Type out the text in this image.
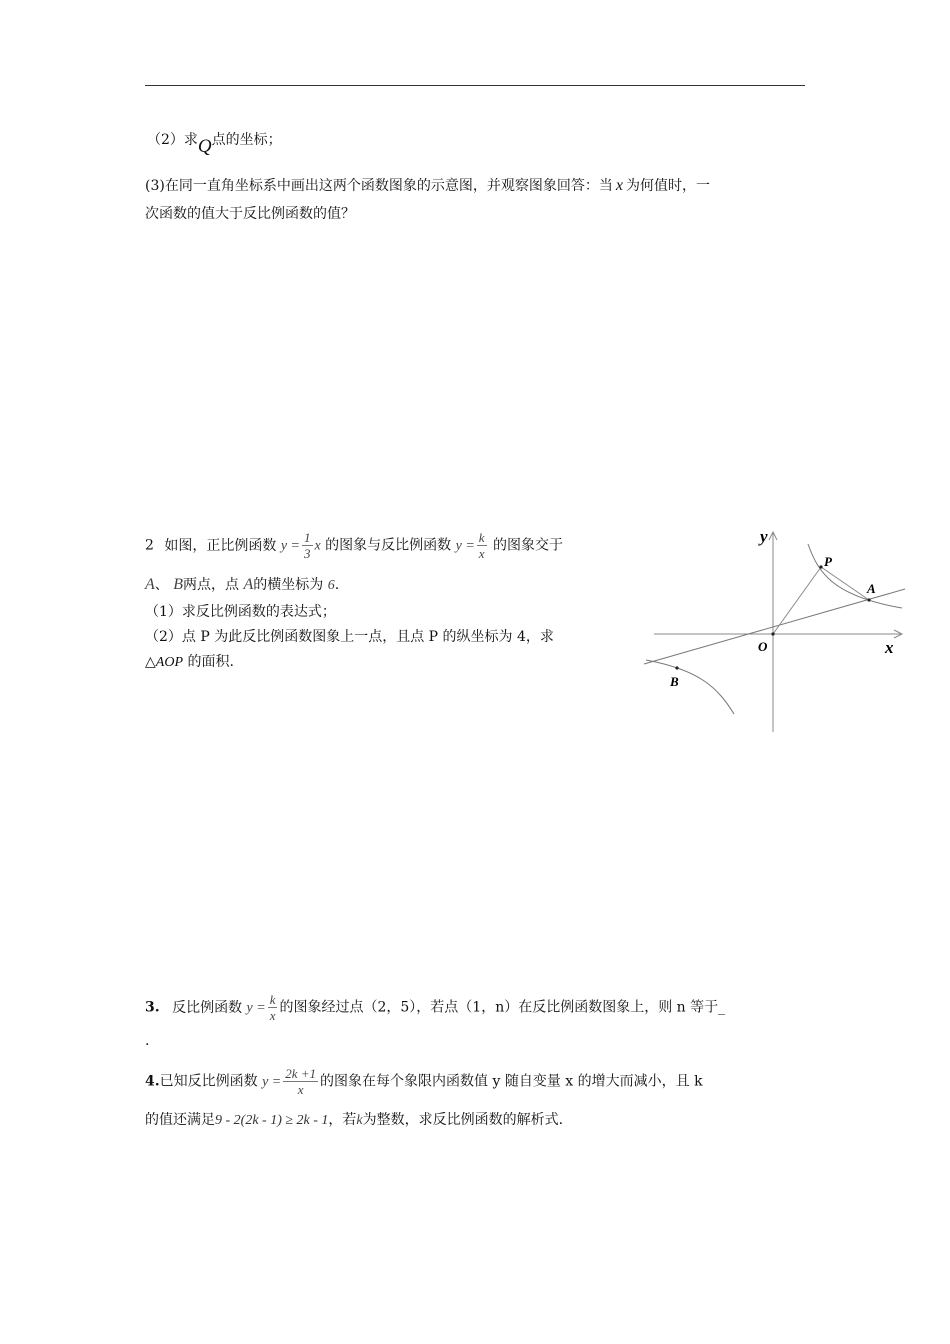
（2）求Q点的坐标；
(3)在同一直角坐标系中画出这两个函数图象的示意图，并观察图象回答：当 x 为何值时，一
次函数的值大于反比例函数的值？
2 如图，正比例函数 $y = \frac{1}{3}$ x 的图象与反比例函数 $y = \frac{k}{x}$ 的图象交于
A、 B两点，点 A的横坐标为 6.
（1）求反比例函数的表达式；
（2）点 P 为此反比例函数图象上一点，且点 P 的纵坐标为 4，求
△AOP 的面积.
y
x
O
P
A
B
3. 反比例函数 $y = \frac{k}{x}$ 的图象经过点（2，5），若点（1，n）在反比例函数图象上，则 n 等于_
.
4.已知反比例函数 $y = \frac{2k +1}{x}$ 的图象在每个象限内函数值 y 随自变量 x 的增大而减小，且 k
的值还满足9 - 2(2k - 1) ≥ 2k - 1，若k为整数，求反比例函数的解析式.
